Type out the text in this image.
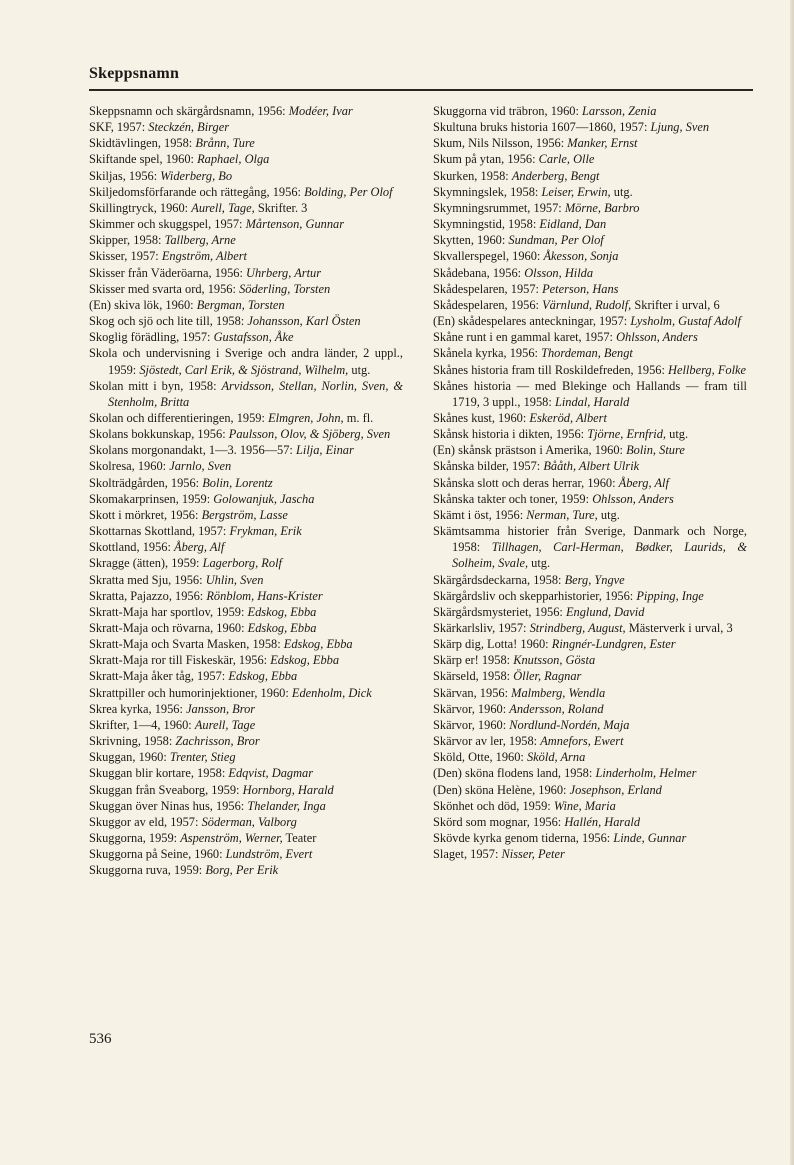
Skeppsnamn

Skeppsnamn och skärgårdsnamn, 1956: Modéer, Ivar

SKF, 1957: Steckzén, Birger

Skidtävlingen, 1958: Brånn, Ture

Skiftande spel, 1960: Raphael, Olga

Skiljas, 1956: Widerberg, Bo

Skiljedomsförfarande och rättegång, 1956: Bolding, Per Olof

Skillingtryck, 1960: Aurell, Tage, Skrifter. 3

Skimmer och skuggspel, 1957: Mårtenson, Gunnar

Skipper, 1958: Tallberg, Arne

Skisser, 1957: Engström, Albert

Skisser från Väderöarna, 1956: Uhrberg, Artur

Skisser med svarta ord, 1956: Söderling, Torsten

(En) skiva lök, 1960: Bergman, Torsten

Skog och sjö och lite till, 1958: Johansson, Karl Östen

Skoglig förädling, 1957: Gustafsson, Åke

Skola och undervisning i Sverige och andra länder, 2 uppl., 1959: Sjöstedt, Carl Erik, & Sjöstrand, Wilhelm, utg.

Skolan mitt i byn, 1958: Arvidsson, Stellan, Norlin, Sven, & Stenholm, Britta

Skolan och differentieringen, 1959: Elmgren, John, m. fl.

Skolans bokkunskap, 1956: Paulsson, Olov, & Sjöberg, Sven

Skolans morgonandakt, 1—3. 1956—57: Lilja, Einar

Skolresa, 1960: Jarnlo, Sven

Skolträdgården, 1956: Bolin, Lorentz

Skomakarprinsen, 1959: Golowanjuk, Jascha

Skott i mörkret, 1956: Bergström, Lasse

Skottarnas Skottland, 1957: Frykman, Erik

Skottland, 1956: Åberg, Alf

Skragge (ätten), 1959: Lagerborg, Rolf

Skratta med Sju, 1956: Uhlin, Sven

Skratta, Pajazzo, 1956: Rönblom, Hans-Krister

Skratt-Maja har sportlov, 1959: Edskog, Ebba

Skratt-Maja och rövarna, 1960: Edskog, Ebba

Skratt-Maja och Svarta Masken, 1958: Edskog, Ebba

Skratt-Maja ror till Fiskeskär, 1956: Edskog, Ebba

Skratt-Maja åker tåg, 1957: Edskog, Ebba

Skrattpiller och humorinjektioner, 1960: Edenholm, Dick

Skrea kyrka, 1956: Jansson, Bror

Skrifter, 1—4, 1960: Aurell, Tage

Skrivning, 1958: Zachrisson, Bror

Skuggan, 1960: Trenter, Stieg

Skuggan blir kortare, 1958: Edqvist, Dagmar

Skuggan från Sveaborg, 1959: Hornborg, Harald

Skuggan över Ninas hus, 1956: Thelander, Inga

Skuggor av eld, 1957: Söderman, Valborg

Skuggorna, 1959: Aspenström, Werner, Teater

Skuggorna på Seine, 1960: Lundström, Evert

Skuggorna ruva, 1959: Borg, Per Erik

Skuggorna vid träbron, 1960: Larsson, Zenia

Skultuna bruks historia 1607—1860, 1957: Ljung, Sven

Skum, Nils Nilsson, 1956: Manker, Ernst

Skum på ytan, 1956: Carle, Olle

Skurken, 1958: Anderberg, Bengt

Skymningslek, 1958: Leiser, Erwin, utg.

Skymningsrummet, 1957: Mörne, Barbro

Skymningstid, 1958: Eidland, Dan

Skytten, 1960: Sundman, Per Olof

Skvallerspegel, 1960: Åkesson, Sonja

Skådebana, 1956: Olsson, Hilda

Skådespelaren, 1957: Peterson, Hans

Skådespelaren, 1956: Värnlund, Rudolf, Skrifter i urval, 6

(En) skådespelares anteckningar, 1957: Lysholm, Gustaf Adolf

Skåne runt i en gammal karet, 1957: Ohlsson, Anders

Skånela kyrka, 1956: Thordeman, Bengt

Skånes historia fram till Roskildefreden, 1956: Hellberg, Folke

Skånes historia — med Blekinge och Hallands — fram till 1719, 3 uppl., 1958: Lindal, Harald

Skånes kust, 1960: Eskeröd, Albert

Skånsk historia i dikten, 1956: Tjörne, Ernfrid, utg.

(En) skånsk prästson i Amerika, 1960: Bolin, Sture

Skånska bilder, 1957: Bååth, Albert Ulrik

Skånska slott och deras herrar, 1960: Åberg, Alf

Skånska takter och toner, 1959: Ohlsson, Anders

Skämt i öst, 1956: Nerman, Ture, utg.

Skämtsamma historier från Sverige, Danmark och Norge, 1958: Tillhagen, Carl-Herman, Bødker, Laurids, & Solheim, Svale, utg.

Skärgårdsdeckarna, 1958: Berg, Yngve

Skärgårdsliv och skepparhistorier, 1956: Pipping, Inge

Skärgårdsmysteriet, 1956: Englund, David

Skärkarlsliv, 1957: Strindberg, August, Mästerverk i urval, 3

Skärp dig, Lotta! 1960: Ringnér-Lundgren, Ester

Skärp er! 1958: Knutsson, Gösta

Skärseld, 1958: Öller, Ragnar

Skärvan, 1956: Malmberg, Wendla

Skärvor, 1960: Andersson, Roland

Skärvor, 1960: Nordlund-Nordén, Maja

Skärvor av ler, 1958: Amnefors, Ewert

Sköld, Otte, 1960: Sköld, Arna

(Den) sköna flodens land, 1958: Linderholm, Helmer

(Den) sköna Helène, 1960: Josephson, Erland

Skönhet och död, 1959: Wine, Maria

Skörd som mognar, 1956: Hallén, Harald

Skövde kyrka genom tiderna, 1956: Linde, Gunnar

Slaget, 1957: Nisser, Peter

536
